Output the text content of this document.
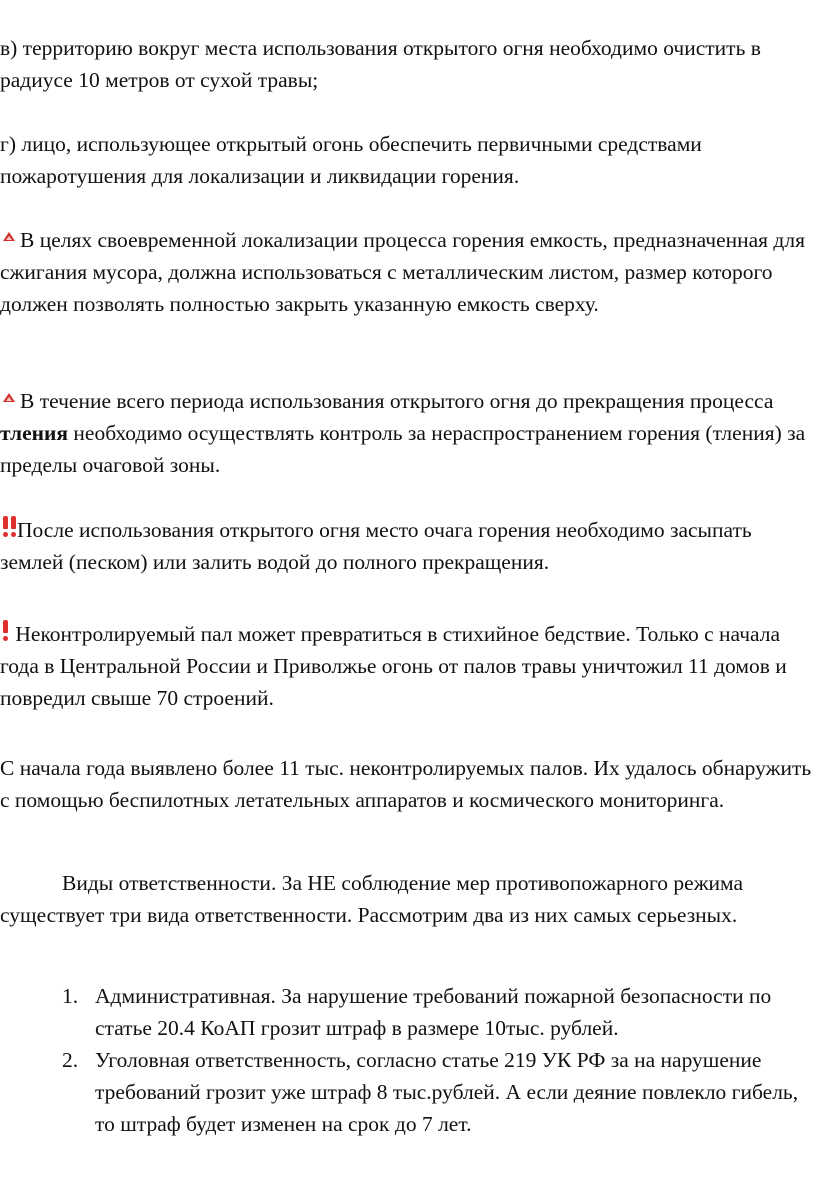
в) территорию вокруг места использования открытого огня необходимо очистить в радиусе 10 метров от сухой травы;

г) лицо, использующее открытый огонь обеспечить первичными средствами пожаротушения для локализации и ликвидации горения.

В целях своевременной локализации процесса горения емкость, предназначенная для сжигания мусора, должна использоваться с металлическим листом, размер которого должен позволять полностью закрыть указанную емкость сверху.

В течение всего периода использования открытого огня до прекращения процесса тления необходимо осуществлять контроль за нераспространением горения (тления) за пределы очаговой зоны.

После использования открытого огня место очага горения необходимо засыпать землей (песком) или залить водой до полного прекращения.

Неконтролируемый пал может превратиться в стихийное бедствие. Только с начала года в Центральной России и Приволжье огонь от палов травы уничтожил 11 домов и повредил свыше 70 строений.

С начала года выявлено более 11 тыс. неконтролируемых палов. Их удалось обнаружить с помощью беспилотных летательных аппаратов и космического мониторинга.

Виды ответственности. За НЕ соблюдение мер противопожарного режима существует три вида ответственности. Рассмотрим два из них самых серьезных.

1. Административная. За нарушение требований пожарной безопасности по статье 20.4 КоАП грозит штраф в размере 10тыс. рублей.
2. Уголовная ответственность, согласно статье 219 УК РФ за на нарушение требований грозит уже штраф 8 тыс.рублей. А если деяние повлекло гибель, то штраф будет изменен на срок до 7 лет.
